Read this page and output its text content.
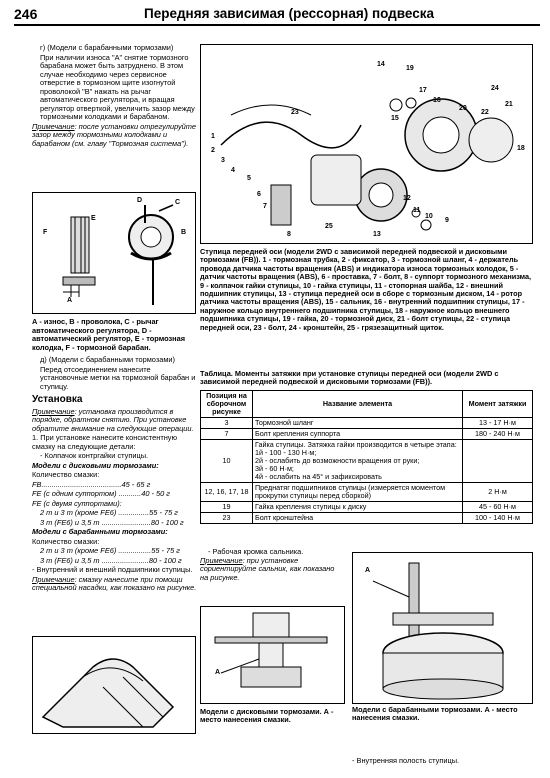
246	Передняя зависимая (рессорная) подвеска

г) (Модели с барабанными тормозами)

При наличии износа "А" снятие тормозного барабана может быть затруднено. В этом случае необходимо через сервисное отверстие в тормозном щите изогнутой проволокой "В" нажать на рычаг автоматического регулятора, и вращая регулятор отверткой, увеличить зазор между тормозными колодками и барабаном.

Примечание: после установки отрегулируйте зазор между тормозными колодками и барабаном (см. главу "Тормозная система").

F
E
D	C
B
A

А - износ, В - проволока, С - рычаг автоматического регулятора, D - автоматический регулятор, Е - тормозная колодка, F - тормозной барабан.

д) (Модели с барабанными тормозами)

Перед отсоединением нанесите установочные метки на тормозной барабан и ступицу.

Установка

Примечание: установка производится в порядке, обратном снятию. При установке обратите внимание на следующие операции.

1. При установке нанесите консистентную смазку на следующие детали:

- Колпачок контргайки ступицы.

Модели с дисковыми тормозами:

Количество смазки:

FB.......................................45 - 65 г

FE (с одним суппортом) ...........40 - 50 г

FE (с двумя суппортами):

2 т и 3 т (кроме FE6) ...............55 - 75 г

3 т (FE6) и 3,5 т ........................80 - 100 г

Модели с барабанными тормозами:

Количество смазки:

2 т и 3 т (кроме FE6) ................55 - 75 г

3 т (FE6) и 3,5 т .......................80 - 100 г

- Внутренний и внешний подшипники ступицы.

Примечание: смазку нанесите при помощи специальной насадки, как показано на рисунке.

14
19
17
16
15
22
24
21
20
18
23
12
11
10
9
13
25
8
7
6
5
4
3
2
1
Ступица передней оси (модели 2WD с зависимой передней подвеской и дисковыми тормозами (FB)). 1 - тормозная трубка, 2 - фиксатор, 3 - тормозной шланг, 4 - держатель провода датчика частоты вращения (ABS) и индикатора износа тормозных колодок, 5 - датчик частоты вращения (ABS), 6 - проставка, 7 - болт, 8 - суппорт тормозного механизма, 9 - колпачок гайки ступицы, 10 - гайка ступицы, 11 - стопорная шайба, 12 - внешний подшипник ступицы, 13 - ступица передней оси в сборе с тормозным диском, 14 - ротор датчика частоты вращения (ABS), 15 - сальник, 16 - внутренний подшипник ступицы, 17 - наружное кольцо внутреннего подшипника ступицы, 18 - наружное кольцо внешнего подшипника ступицы, 19 - гайка, 20 - тормозной диск, 21 - болт ступицы, 22 - ступица передней оси, 23 - болт, 24 - кронштейн, 25 - грязезащитный щиток.
Таблица. Моменты затяжки при установке ступицы передней оси (модели 2WD с зависимой передней подвеской и дисковыми тормозами (FB)).
Позиция на сборочном рисунке	Название элемента	Момент затяжки
3	Тормозной шланг	13 - 17 Н·м
7	Болт крепления суппорта	180 - 240 Н·м
10	Гайка ступицы. Затяжка гайки производится в четыре этапа:
1й - 100 - 130 Н·м;
2й - ослабить до возможности вращения от руки;
3й - 60 Н·м;
4й - ослабить на 45° и зафиксировать	
12, 16, 17, 18	Преднатяг подшипников ступицы (измеряется моментом прокрутки ступицы перед сборкой)	2 Н·м
19	Гайка крепления ступицы к диску	45 - 60 Н·м
23	Болт кронштейна	100 - 140 Н·м

- Рабочая кромка сальника.

Примечание: при установке сориентируйте сальник, как показано на рисунке.

A
Модели с дисковыми тормозами. А - место нанесения смазки.
A
Модели с барабанными тормозами. А - место нанесения смазки.
- Внутренняя полость ступицы.
